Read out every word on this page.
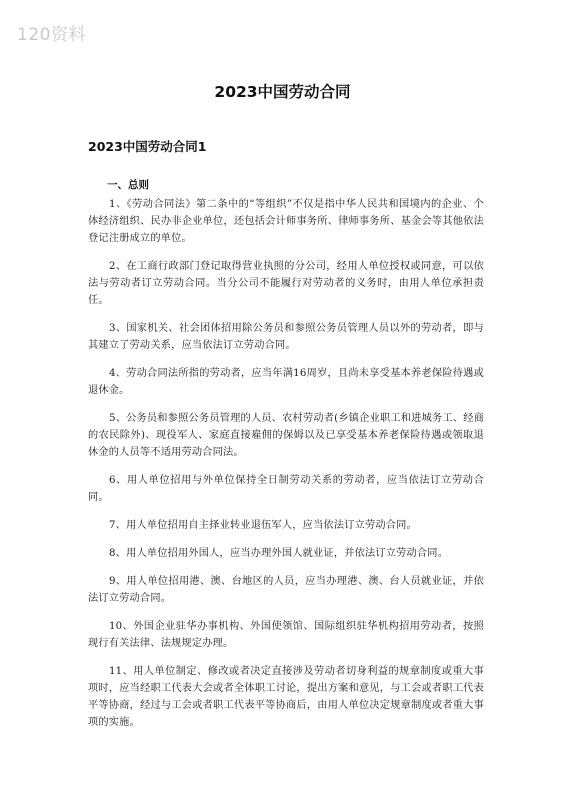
120资料
2023中国劳动合同
2023中国劳动合同1
一、总则

1、《劳动合同法》第二条中的“等组织”不仅是指中华人民共和国境内的企业、个体经济组织、民办非企业单位，还包括会计师事务所、律师事务所、基金会等其他依法登记注册成立的单位。

2、在工商行政部门登记取得营业执照的分公司，经用人单位授权或同意，可以依法与劳动者订立劳动合同。当分公司不能履行对劳动者的义务时，由用人单位承担责任。

3、国家机关、社会团体招用除公务员和参照公务员管理人员以外的劳动者，即与其建立了劳动关系，应当依法订立劳动合同。

4、劳动合同法所指的劳动者，应当年满16周岁，且尚未享受基本养老保险待遇或退休金。

5、公务员和参照公务员管理的人员、农村劳动者(乡镇企业职工和进城务工、经商的农民除外)、现役军人、家庭直接雇佣的保姆以及已享受基本养老保险待遇或领取退休金的人员等不适用劳动合同法。

6、用人单位招用与外单位保持全日制劳动关系的劳动者，应当依法订立劳动合同。

7、用人单位招用自主择业转业退伍军人，应当依法订立劳动合同。

8、用人单位招用外国人，应当办理外国人就业证，并依法订立劳动合同。

9、用人单位招用港、澳、台地区的人员，应当办理港、澳、台人员就业证，并依法订立劳动合同。

10、外国企业驻华办事机构、外国使领馆、国际组织驻华机构招用劳动者，按照现行有关法律、法规规定办理。

11、用人单位制定、修改或者决定直接涉及劳动者切身利益的规章制度或重大事项时，应当经职工代表大会或者全体职工讨论，提出方案和意见，与工会或者职工代表平等协商，经过与工会或者职工代表平等协商后，由用人单位决定规章制度或者重大事项的实施。
